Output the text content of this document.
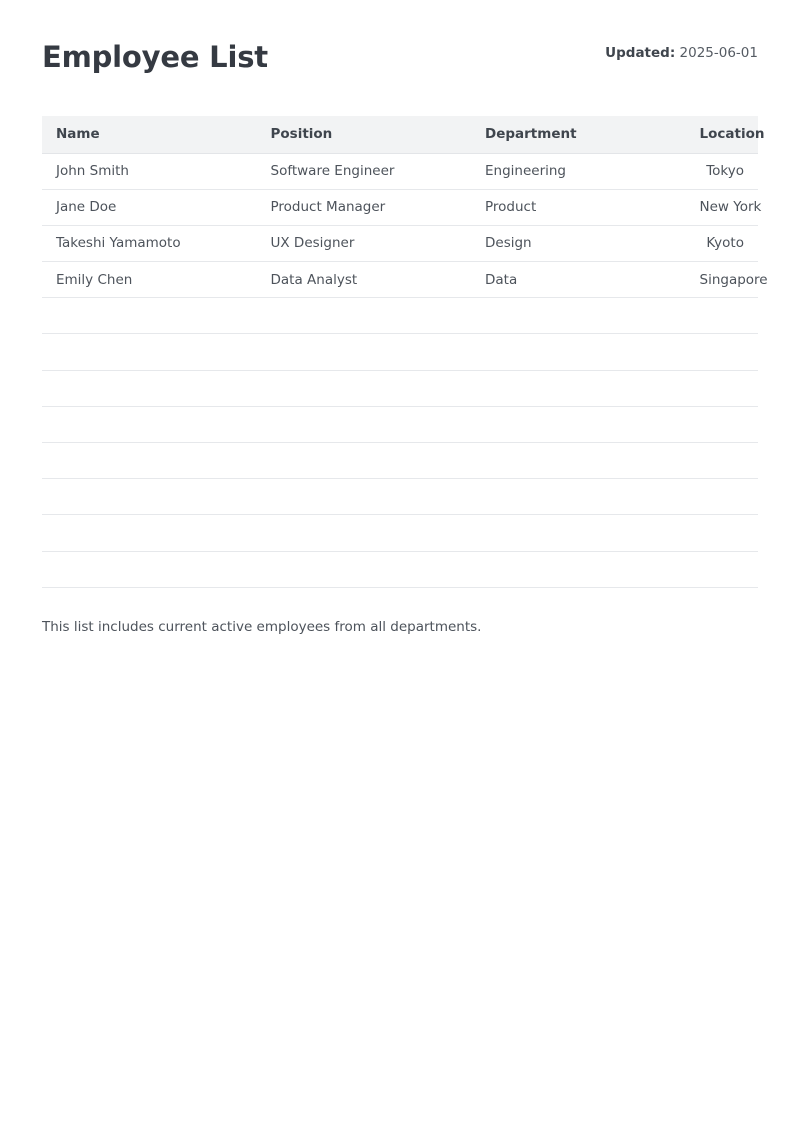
Employee List	Updated: 2025-06-01
Name	Position	Department	Location
John Smith	Software Engineer	Engineering	Tokyo
Jane Doe	Product Manager	Product	New York
Takeshi Yamamoto	UX Designer	Design	Kyoto
Emily Chen	Data Analyst	Data	Singapore

This list includes current active employees from all departments.
